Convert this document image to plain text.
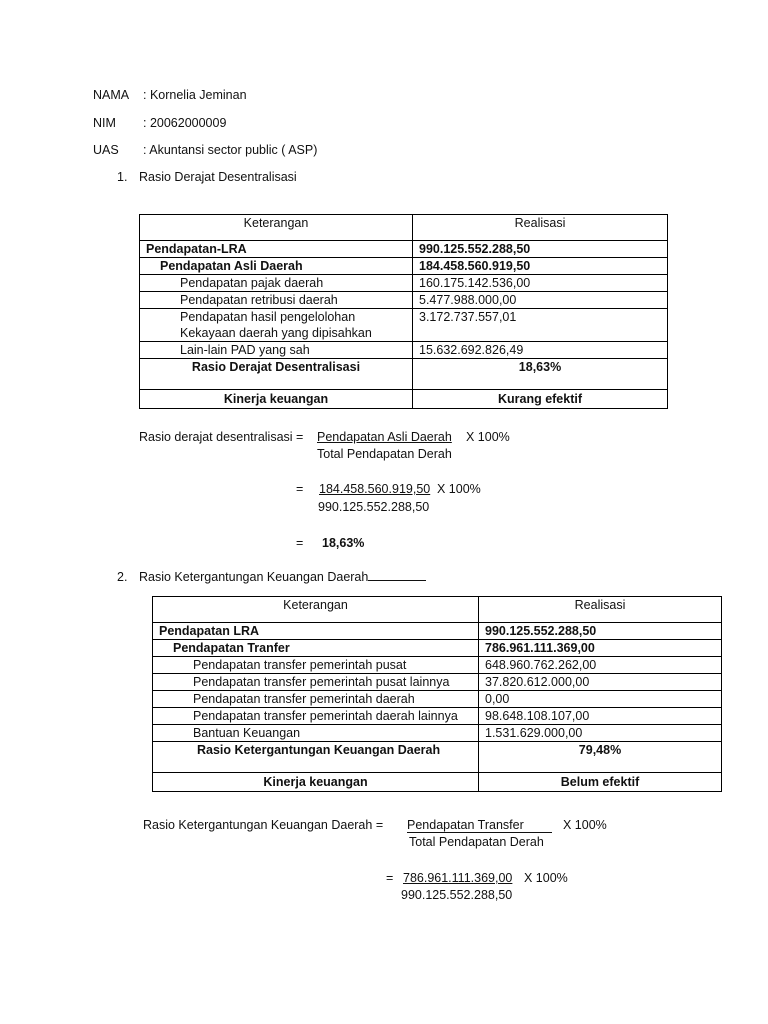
NAMA : Kornelia Jeminan
NIM : 20062000009
UAS : Akuntansi sector public ( ASP)
1. Rasio Derajat Desentralisasi
Keterangan	Realisasi
Pendapatan-LRA	990.125.552.288,50
Pendapatan Asli Daerah	184.458.560.919,50
Pendapatan pajak daerah	160.175.142.536,00
Pendapatan retribusi daerah	5.477.988.000,00

Pendapatan hasil pengelolohan
Kekayaan daerah yang dipisahkan	3.172.737.557,01
Lain-lain PAD yang sah	15.632.692.826,49
Rasio Derajat Desentralisasi	18,63%
Kinerja keuangan	Kurang efektif
Rasio derajat desentralisasi = Pendapatan Asli Daerah X 100%
Total Pendapatan Derah
= 184.458.560.919,50 X 100%
990.125.552.288,50
= 18,63%
2. Rasio Ketergantungan Keuangan Daerah
Keterangan	Realisasi
Pendapatan LRA	990.125.552.288,50
Pendapatan Tranfer	786.961.111.369,00
Pendapatan transfer pemerintah pusat	648.960.762.262,00
Pendapatan transfer pemerintah pusat lainnya	37.820.612.000,00
Pendapatan transfer pemerintah daerah	0,00
Pendapatan transfer pemerintah daerah lainnya	98.648.108.107,00
Bantuan Keuangan	1.531.629.000,00
Rasio Ketergantungan Keuangan Daerah	79,48%
Kinerja keuangan	Belum efektif
Rasio Ketergantungan Keuangan Daerah = Pendapatan Transfer	X 100%
Total Pendapatan Derah
= 786.961.111.369,00 X 100%
990.125.552.288,50
